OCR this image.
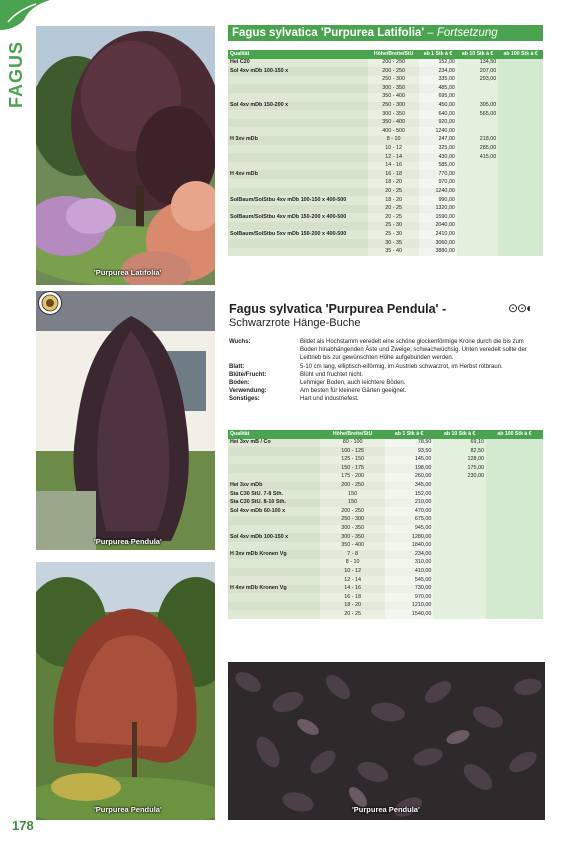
FAGUS
'Purpurea Latifolia'
'Purpurea Pendula'
'Purpurea Pendula'	'Purpurea Pendula'
Fagus sylvatica 'Purpurea Latifolia' – Fortsetzung
Qualität	Höhe/Breite/StU	ab 1 Stk à €	ab 10 Stk à €	ab 100 Stk à €
Hei C20	200 - 250	152,00	134,50	
Sol 4xv mDb 100-150 x	200 - 250	234,00	207,00	
	250 - 300	335,00	293,00	
	300 - 350	485,00		
	350 - 400	695,00		
Sol 4xv mDb 150-200 x	250 - 300	450,00	395,00	
	300 - 350	640,00	565,00	
	350 - 400	920,00		
	400 - 500	1240,00		
H 3xv mDb	8 - 10	247,00	218,00	
	10 - 12	325,00	285,00	
	12 - 14	430,00	415,00	
	14 - 16	585,00		
H 4xv mDb	16 - 18	770,00		
	18 - 20	970,00		
	20 - 25	1240,00		
SolBaum/SolStbu 4xv mDb 100-150 x 400-500	18 - 20	990,00		
	20 - 25	1320,00		
SolBaum/SolStbu 4xv mDb 150-200 x 400-500	20 - 25	1590,00		
	25 - 30	2040,00		
SolBaum/SolStbu 5xv mDb 150-200 x 400-500	25 - 30	2410,00		
	30 - 35	3060,00		
	35 - 40	3880,00		
Fagus sylvatica 'Purpurea Pendula' -
Schwarzrote Hänge-Buche
⊙⊙◐
Wuchs:	Bildet als Hochstamm veredelt eine schöne glockenförmige Krone durch die bis zum Boden hinabhängenden Äste und Zweige; schwachwüchsig. Unten veredelt sollte der Leittrieb bis zur gewünschten Höhe aufgebunden werden.
Blatt:	5-10 cm lang, elliptisch-eiförmig, im Austrieb schwarzrot, im Herbst rotbraun.
Blüte/Frucht:	Blüht und fruchtet nicht.
Boden:	Lehmiger Boden, auch leichtere Böden.
Verwendung:	Am besten für kleinere Gärten geeignet.
Sonstiges:	Hart und industriefest.
Qualität	Höhe/Breite/StU	ab 1 Stk à €	ab 10 Stk à €	ab 100 Stk à €
Hei 3xv mB / Co	80 - 100	78,50	69,10	
	100 - 125	93,50	82,50	
	125 - 150	145,00	128,00	
	150 - 175	198,00	175,00	
	175 - 200	260,00	230,00	
Hei 3xv mDb	200 - 250	345,00		
Sta C30 StU. 7-8 Sth.	150	152,00		
Sta C30 StU. 8-10 Sth.	150	210,00		
Sol 4xv mDb 60-100 x	200 - 250	470,00		
	250 - 300	675,00		
	300 - 350	945,00		
Sol 4xv mDb 100-150 x	300 - 350	1280,00		
	350 - 400	1840,00		
H 3xv mDb Kronen Vg	7 - 8	234,00		
	8 - 10	310,00		
	10 - 12	410,00		
	12 - 14	545,00		
H 4xv mDb Kronen Vg	14 - 16	730,00		
	16 - 18	970,00		
	18 - 20	1210,00		
	20 - 25	1540,00		
178
